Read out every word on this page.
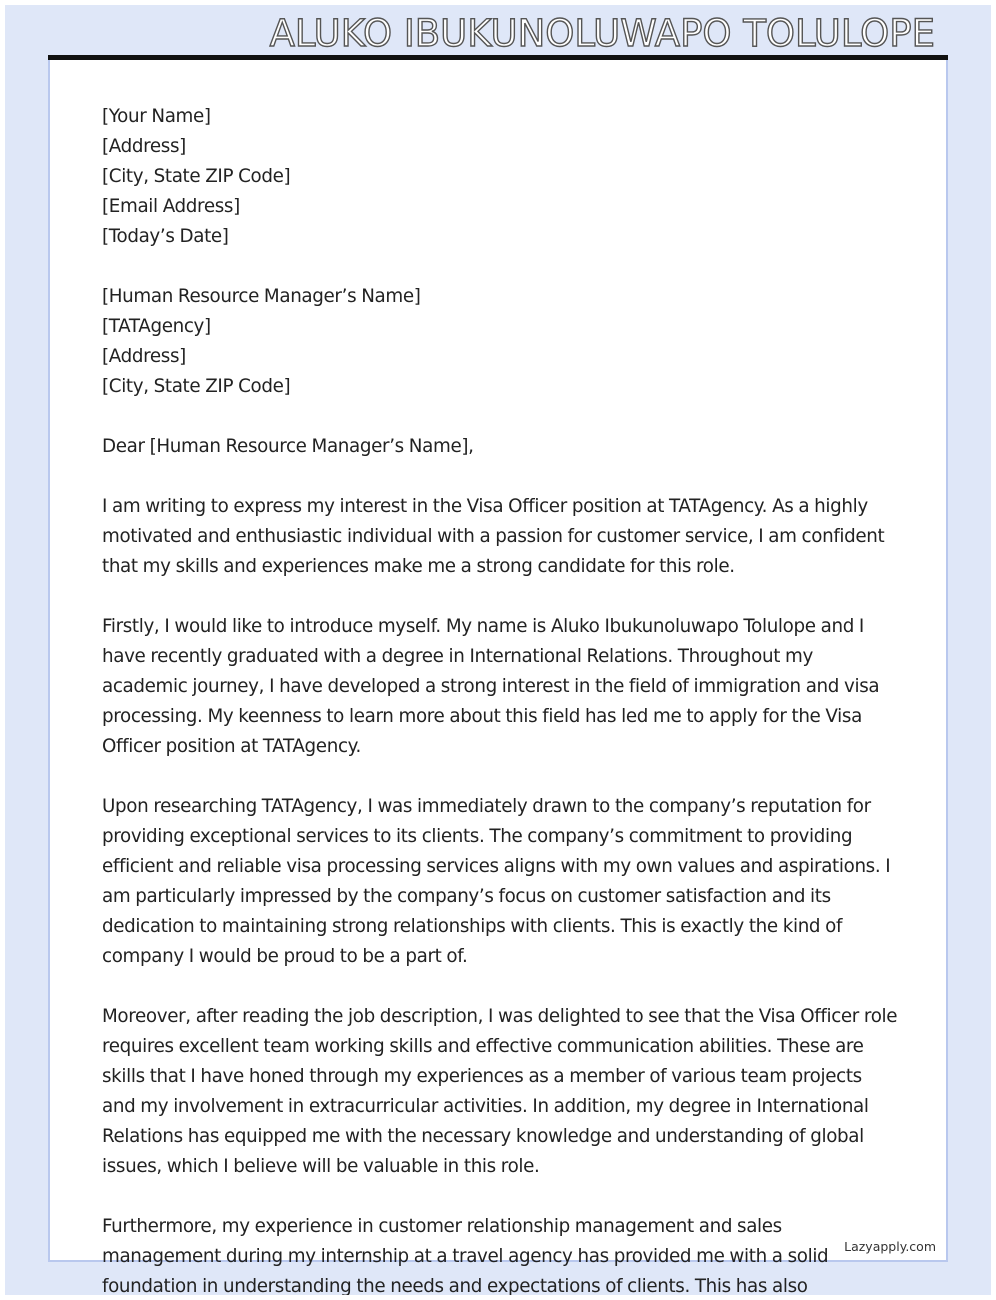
ALUKO IBUKUNOLUWAPO TOLULOPE
[Your Name]
[Address]
[City, State ZIP Code]
[Email Address]
[Today’s Date]
[Human Resource Manager’s Name]
[TATAgency]
[Address]
[City, State ZIP Code]

Dear [Human Resource Manager’s Name],

I am writing to express my interest in the Visa Officer position at TATAgency. As a highly motivated and enthusiastic individual with a passion for customer service, I am confident that my skills and experiences make me a strong candidate for this role.

Firstly, I would like to introduce myself. My name is Aluko Ibukunoluwapo Tolulope and I have recently graduated with a degree in International Relations. Throughout my academic journey, I have developed a strong interest in the field of immigration and visa processing. My keenness to learn more about this field has led me to apply for the Visa Officer position at TATAgency.

Upon researching TATAgency, I was immediately drawn to the company’s reputation for providing exceptional services to its clients. The company’s commitment to providing efficient and reliable visa processing services aligns with my own values and aspirations. I am particularly impressed by the company’s focus on customer satisfaction and its dedication to maintaining strong relationships with clients. This is exactly the kind of company I would be proud to be a part of.

Moreover, after reading the job description, I was delighted to see that the Visa Officer role requires excellent team working skills and effective communication abilities. These are skills that I have honed through my experiences as a member of various team projects and my involvement in extracurricular activities. In addition, my degree in International Relations has equipped me with the necessary knowledge and understanding of global issues, which I believe will be valuable in this role.

Furthermore, my experience in customer relationship management and sales management during my internship at a travel agency has provided me with a solid foundation in understanding the needs and expectations of clients. This has also

Lazyapply.com
